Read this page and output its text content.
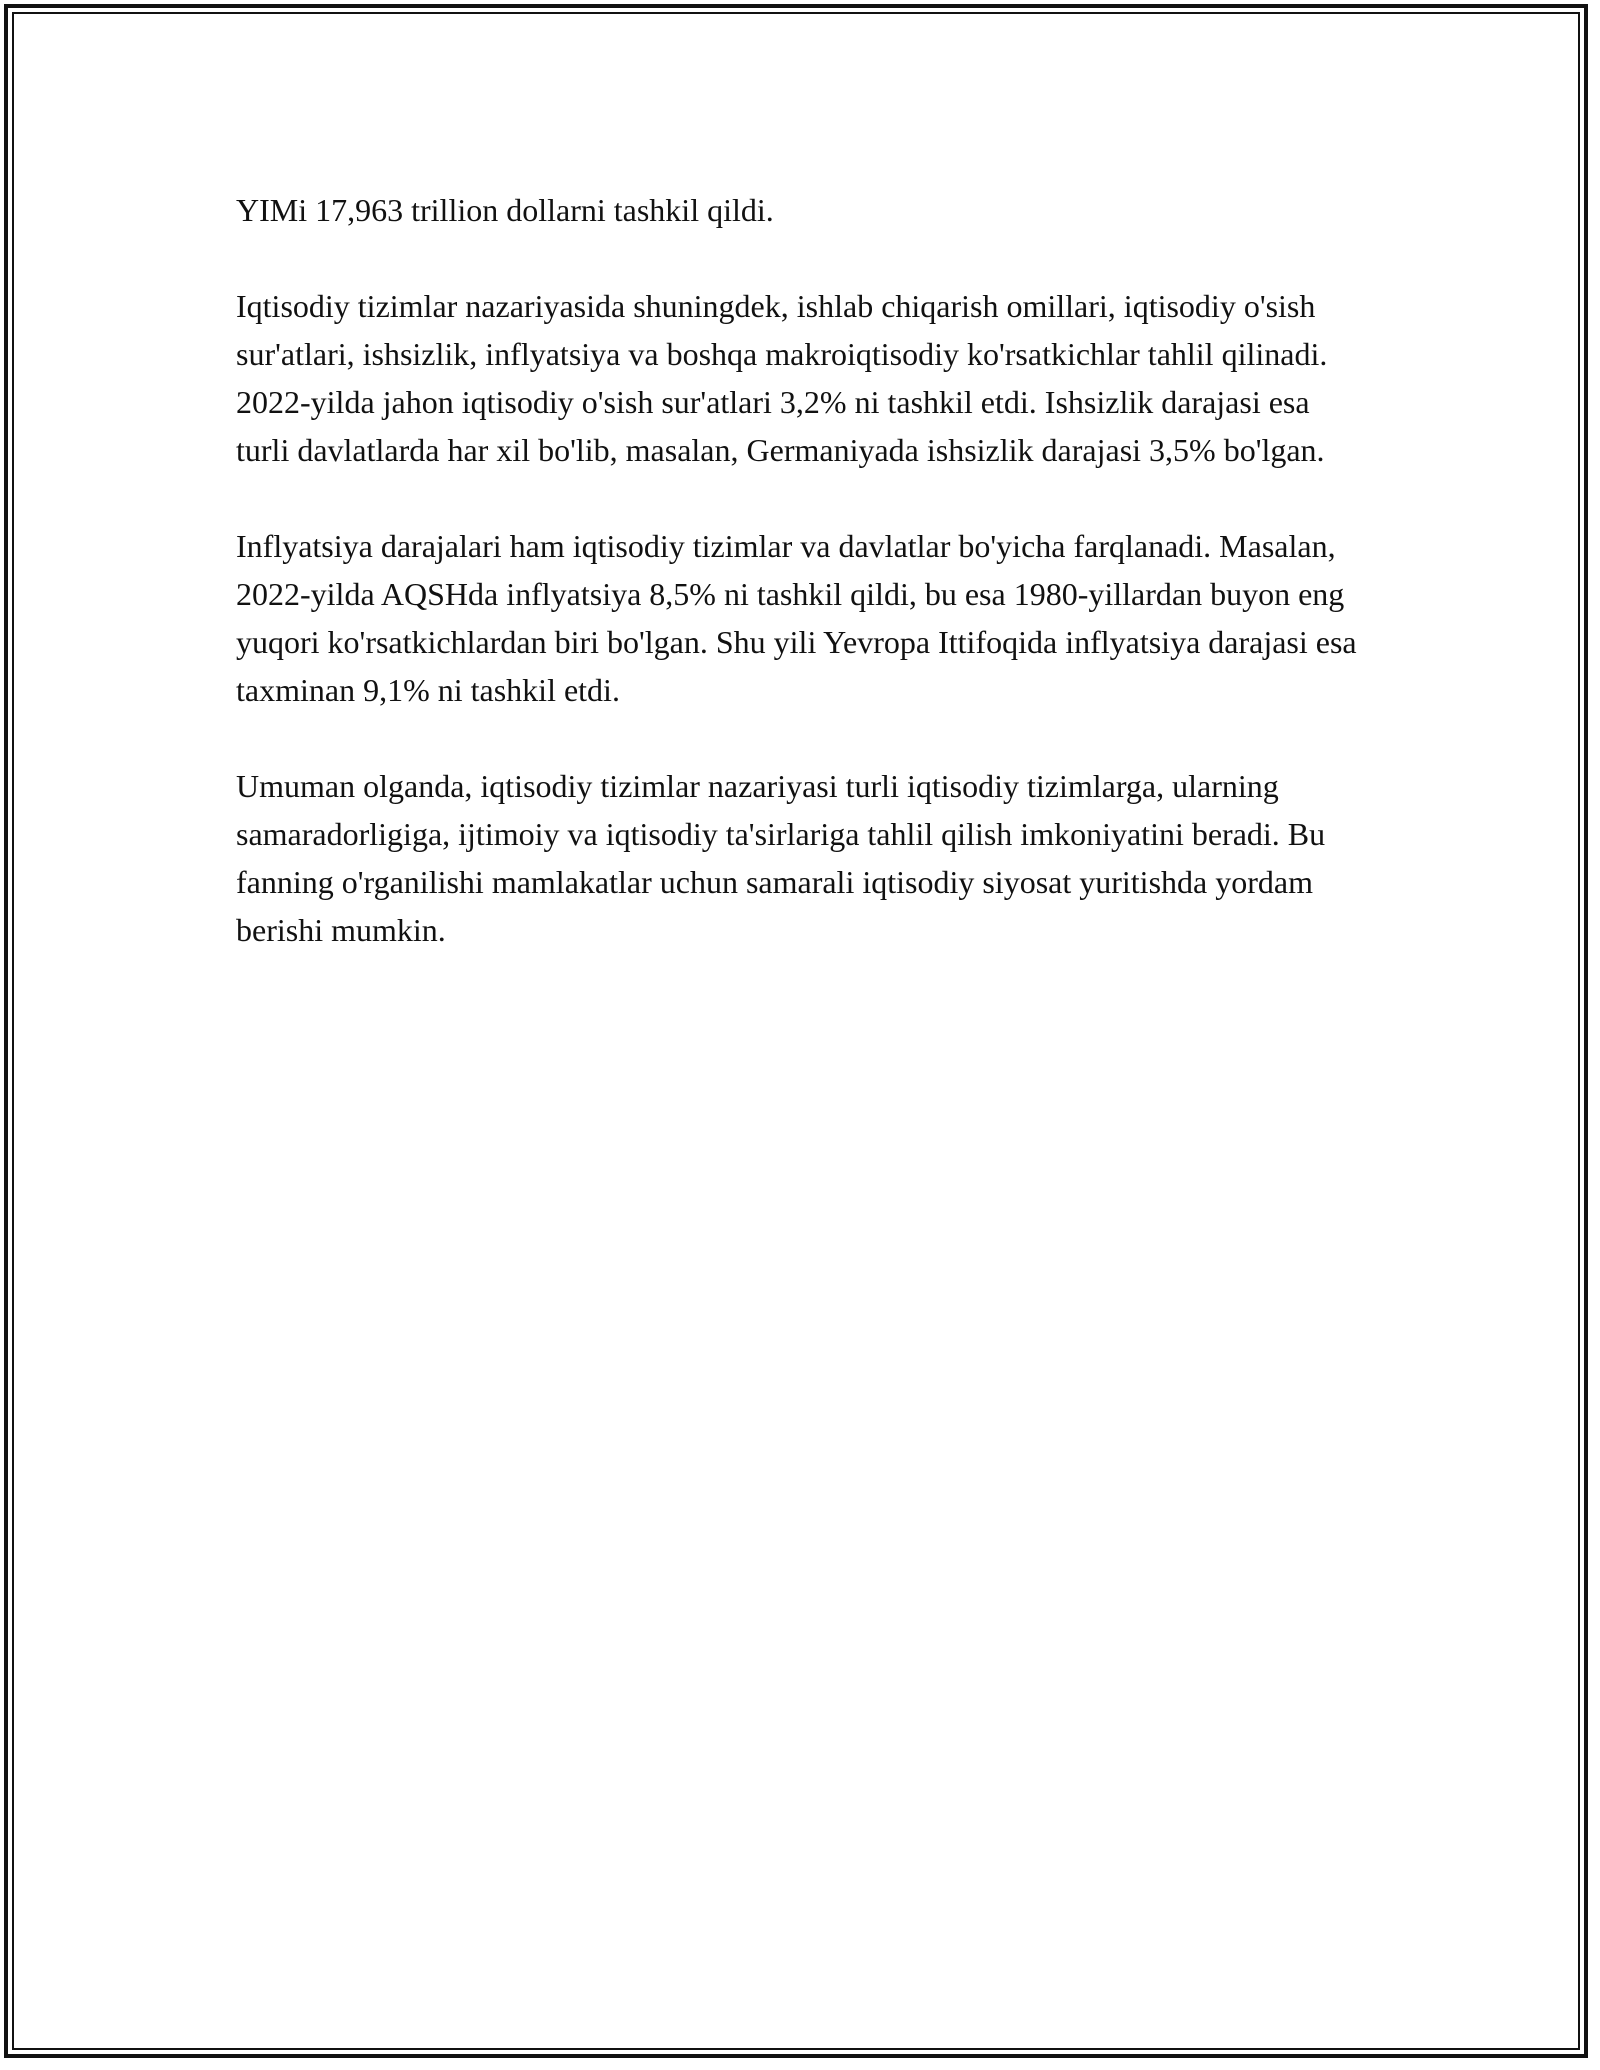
YIMi 17,963 trillion dollarni tashkil qildi.

Iqtisodiy tizimlar nazariyasida shuningdek, ishlab chiqarish omillari, iqtisodiy o'sish sur'atlari, ishsizlik, inflyatsiya va boshqa makroiqtisodiy ko'rsatkichlar tahlil qilinadi. 2022-yilda jahon iqtisodiy o'sish sur'atlari 3,2% ni tashkil etdi. Ishsizlik darajasi esa turli davlatlarda har xil bo'lib, masalan, Germaniyada ishsizlik darajasi 3,5% bo'lgan.

Inflyatsiya darajalari ham iqtisodiy tizimlar va davlatlar bo'yicha farqlanadi. Masalan, 2022-yilda AQSHda inflyatsiya 8,5% ni tashkil qildi, bu esa 1980-yillardan buyon eng yuqori ko'rsatkichlardan biri bo'lgan. Shu yili Yevropa Ittifoqida inflyatsiya darajasi esa taxminan 9,1% ni tashkil etdi.

Umuman olganda, iqtisodiy tizimlar nazariyasi turli iqtisodiy tizimlarga, ularning samaradorligiga, ijtimoiy va iqtisodiy ta'sirlariga tahlil qilish imkoniyatini beradi. Bu fanning o'rganilishi mamlakatlar uchun samarali iqtisodiy siyosat yuritishda yordam berishi mumkin.
